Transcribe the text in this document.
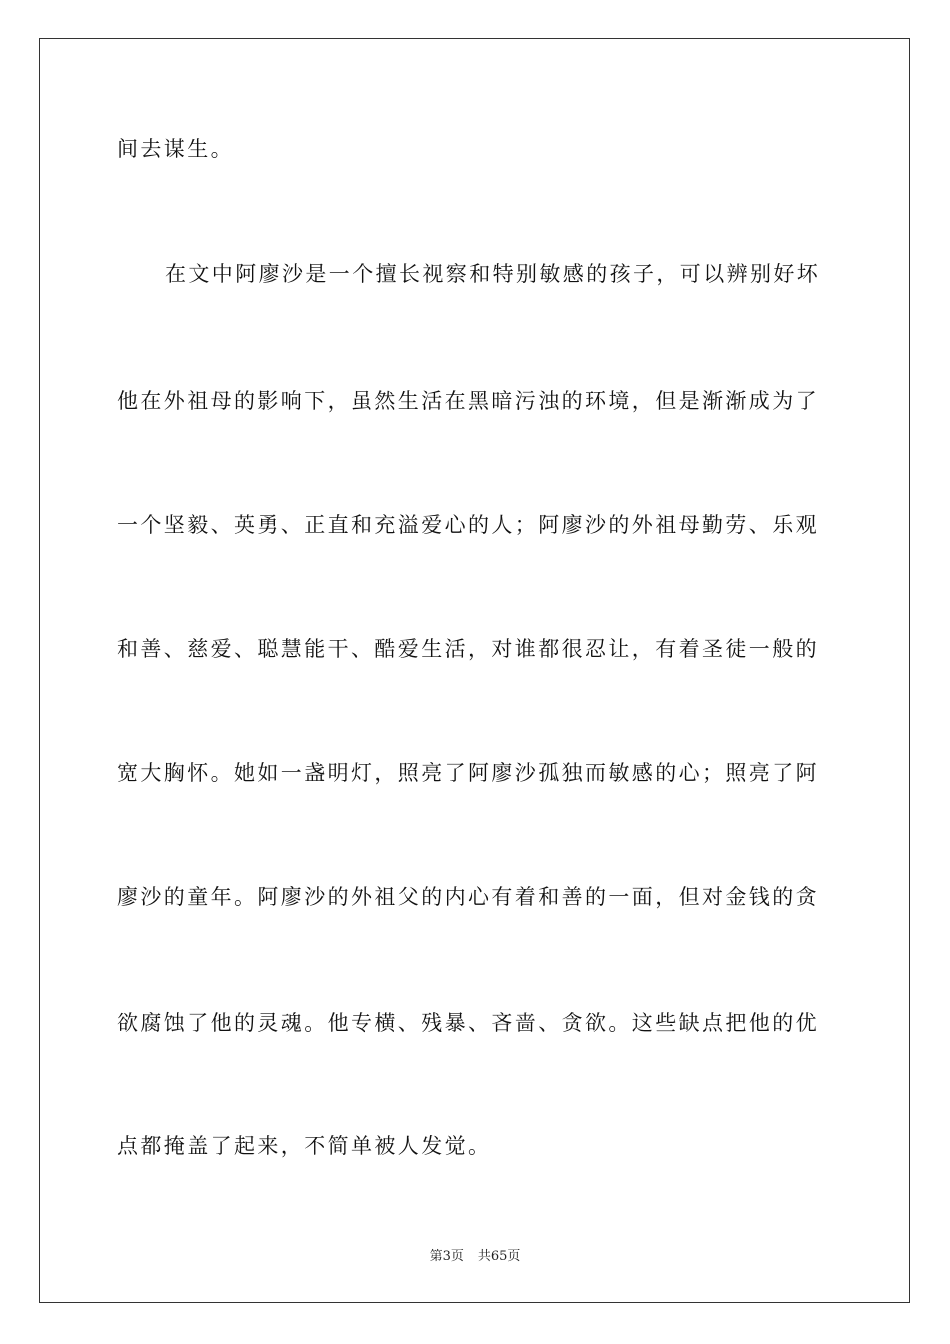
间去谋生。
在文中阿廖沙是一个擅长视察和特别敏感的孩子，可以辨别好坏
他在外祖母的影响下，虽然生活在黑暗污浊的环境，但是渐渐成为了
一个坚毅、英勇、正直和充溢爱心的人；阿廖沙的外祖母勤劳、乐观
和善、慈爱、聪慧能干、酷爱生活，对谁都很忍让，有着圣徒一般的
宽大胸怀。她如一盏明灯，照亮了阿廖沙孤独而敏感的心；照亮了阿
廖沙的童年。阿廖沙的外祖父的内心有着和善的一面，但对金钱的贪
欲腐蚀了他的灵魂。他专横、残暴、吝啬、贪欲。这些缺点把他的优
点都掩盖了起来，不简单被人发觉。
第3页 共65页
